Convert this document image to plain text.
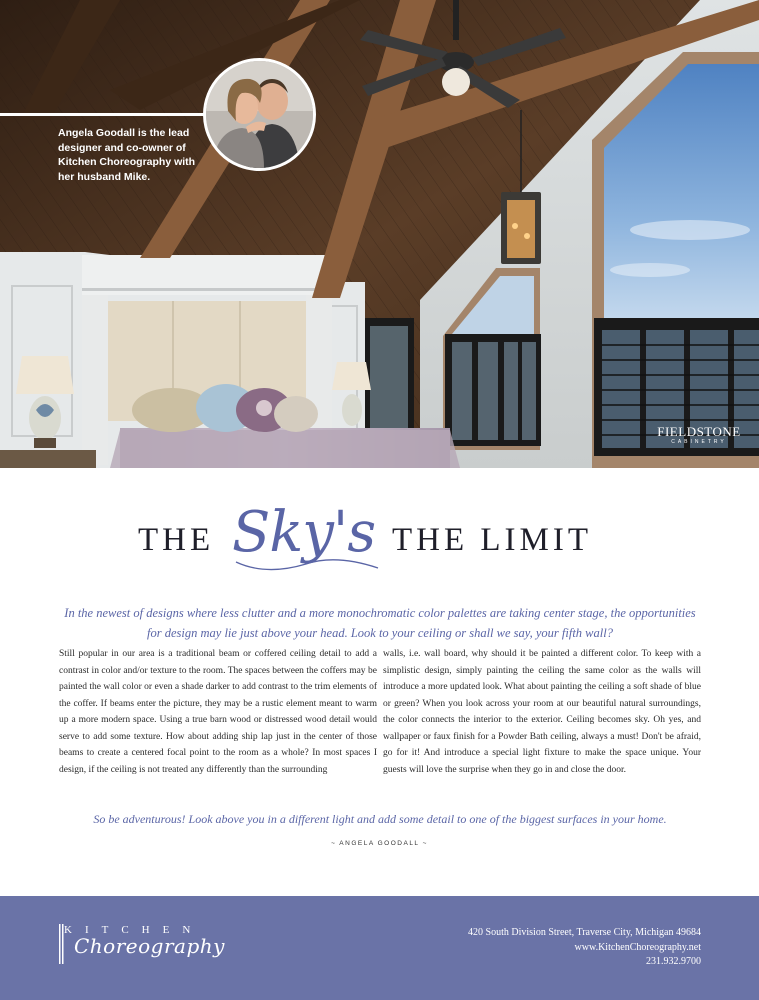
Angela Goodall is the lead designer and co-owner of Kitchen Choreography with her husband Mike.
FIELDSTONE
CABINETRY
THE Sky's THE LIMIT

In the newest of designs where less clutter and a more monochromatic color palettes are taking center stage, the opportunities for design may lie just above your head. Look to your ceiling or shall we say, your fifth wall?

Still popular in our area is a traditional beam or coffered ceiling detail to add a contrast in color and/or texture to the room. The spaces between the coffers may be painted the wall color or even a shade darker to add contrast to the trim elements of the coffer. If beams enter the picture, they may be a rustic element meant to warm up a more modern space. Using a true barn wood or distressed wood detail would serve to add some texture. How about adding ship lap just in the center of those beams to create a centered focal point to the room as a whole? In most spaces I design, if the ceiling is not treated any differently than the surrounding

walls, i.e. wall board, why should it be painted a different color. To keep with a simplistic design, simply painting the ceiling the same color as the walls will introduce a more updated look. What about painting the ceiling a soft shade of blue or green? When you look across your room at our beautiful natural surroundings, the color connects the interior to the exterior. Ceiling becomes sky. Oh yes, and wallpaper or faux finish for a Powder Bath ceiling, always a must! Don't be afraid, go for it! And introduce a special light fixture to make the space unique. Your guests will love the surprise when they go in and close the door.

So be adventurous! Look above you in a different light and add some detail to one of the biggest surfaces in your home.
~ ANGELA GOODALL ~
KITCHEN
Choreography
420 South Division Street, Traverse City, Michigan 49684
www.KitchenChoreography.net
231.932.9700
